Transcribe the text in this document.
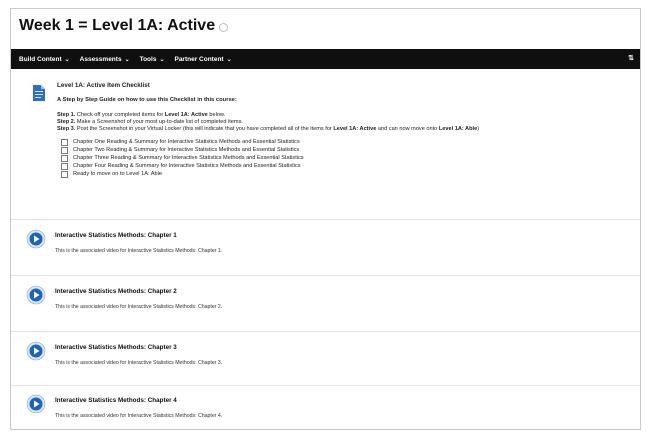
Week 1 = Level 1A: Active
Build Content ⌄ Assessments ⌄ Tools ⌄ Partner Content ⌄	⇅
Level 1A: Active Item Checklist
A Step by Step Guide on how to use this Checklist in this course:
Step 1. Check off your completed items for Level 1A: Active below.
Step 2. Make a Screenshot of your most up-to-date list of completed items.
Step 3. Post the Screenshot in your Virtual Locker (this will indicate that you have completed all of the items for Level 1A: Active and can now move onto Level 1A: Able)
Chapter One Reading & Summary for Interactive Statistics Methods and Essential Statistics
Chapter Two Reading & Summary for Interactive Statistics Methods and Essential Statistics
Chapter Three Reading & Summary for Interactive Statistics Methods and Essential Statistics
Chapter Four Reading & Summary for Interactive Statistics Methods and Essential Statistics
Ready to move on to Level 1A: Able
Interactive Statistics Methods: Chapter 1
This is the associated video for Interactive Statistics Methods: Chapter 1.
Interactive Statistics Methods: Chapter 2
This is the associated video for Interactive Statistics Methods: Chapter 2.
Interactive Statistics Methods: Chapter 3
This is the associated video for Interactive Statistics Methods: Chapter 3.
Interactive Statistics Methods: Chapter 4
This is the associated video for Interactive Statistics Methods: Chapter 4.
